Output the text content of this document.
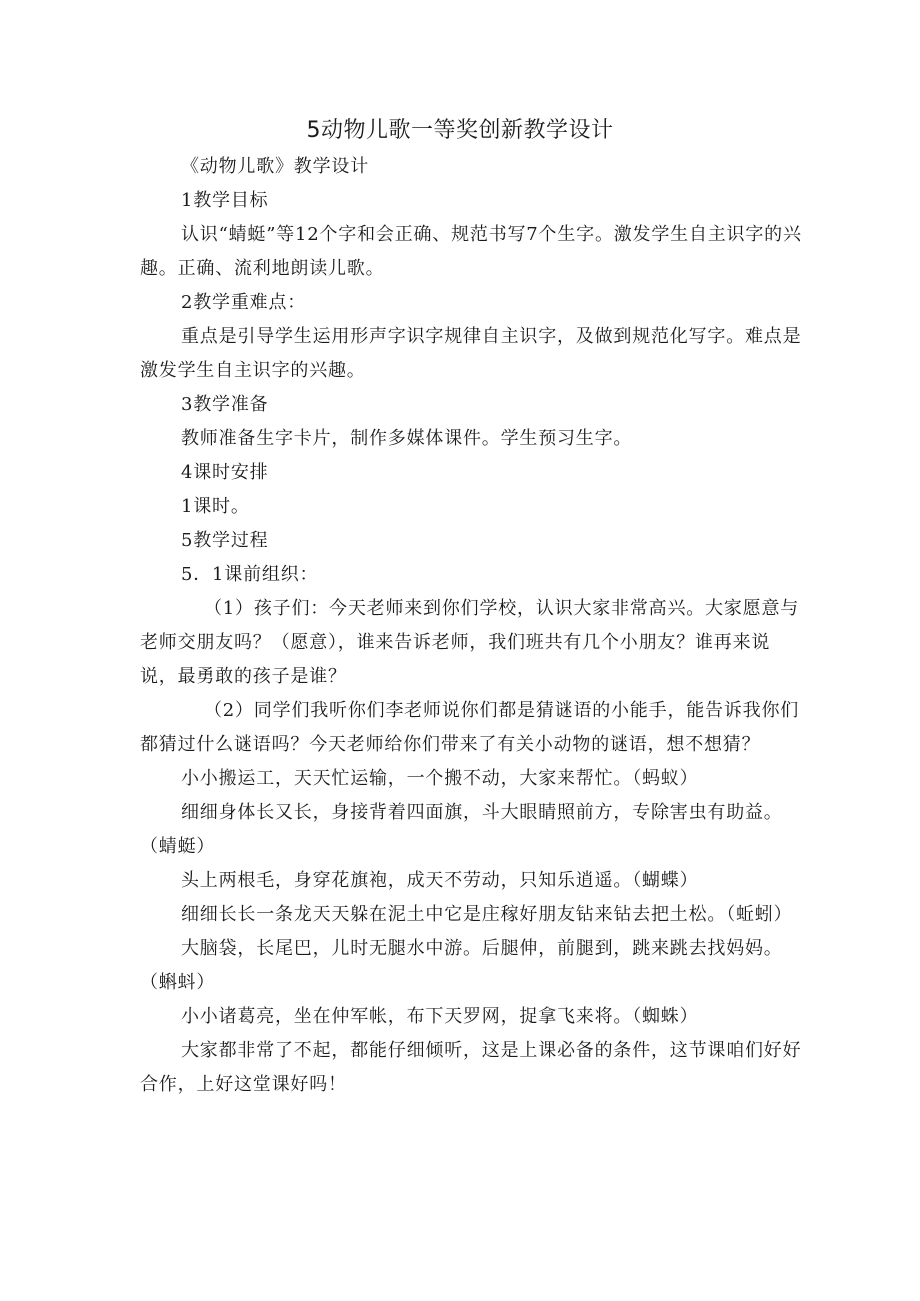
5动物儿歌一等奖创新教学设计

《动物儿歌》教学设计

1教学目标

认识“蜻蜓”等12个字和会正确、规范书写7个生字。激发学生自主识字的兴趣。正确、流利地朗读儿歌。

2教学重难点：

重点是引导学生运用形声字识字规律自主识字，及做到规范化写字。难点是激发学生自主识字的兴趣。

3教学准备

教师准备生字卡片，制作多媒体课件。学生预习生字。

4课时安排

1课时。

5教学过程

5．1课前组织：

（1）孩子们：今天老师来到你们学校，认识大家非常高兴。大家愿意与老师交朋友吗？（愿意），谁来告诉老师，我们班共有几个小朋友？谁再来说说，最勇敢的孩子是谁？

（2）同学们我听你们李老师说你们都是猜谜语的小能手，能告诉我你们都猜过什么谜语吗？今天老师给你们带来了有关小动物的谜语，想不想猜？

小小搬运工，天天忙运输，一个搬不动，大家来帮忙。（蚂蚁）

细细身体长又长，身接背着四面旗，斗大眼睛照前方，专除害虫有助益。（蜻蜓）

头上两根毛，身穿花旗袍，成天不劳动，只知乐逍遥。（蝴蝶）

细细长长一条龙天天躲在泥土中它是庄稼好朋友钻来钻去把土松。（蚯蚓）

大脑袋，长尾巴，儿时无腿水中游。后腿伸，前腿到，跳来跳去找妈妈。（蝌蚪）

小小诸葛亮，坐在仲军帐，布下天罗网，捉拿飞来将。（蜘蛛）

大家都非常了不起，都能仔细倾听，这是上课必备的条件，这节课咱们好好合作，上好这堂课好吗！
